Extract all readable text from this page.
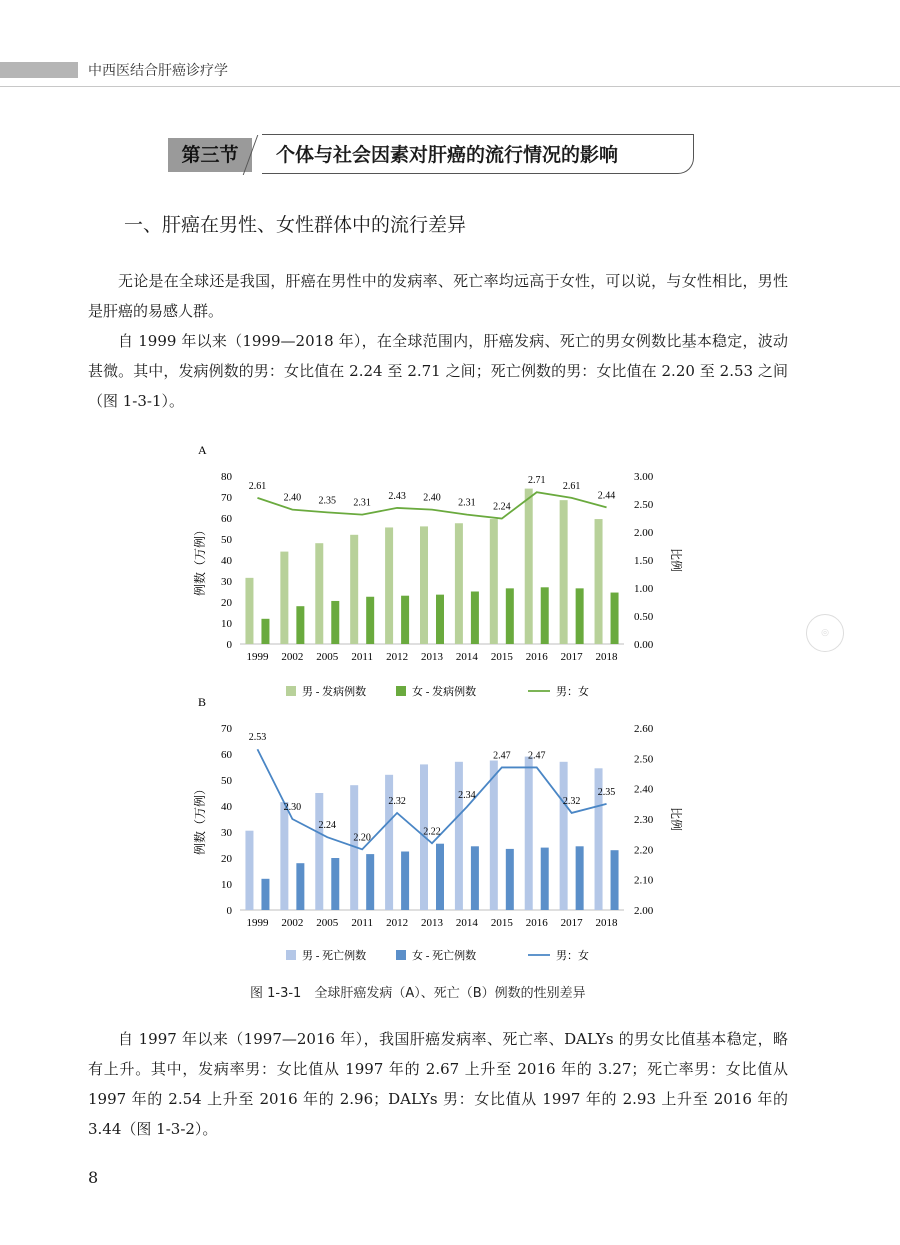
中西医结合肝癌诊疗学
第三节	个体与社会因素对肝癌的流行情况的影响
一、肝癌在男性、女性群体中的流行差异
无论是在全球还是我国，肝癌在男性中的发病率、死亡率均远高于女性，可以说，与女性相比，男性是肝癌的易感人群。
自 1999 年以来（1999—2018 年），在全球范围内，肝癌发病、死亡的男女例数比基本稳定，波动甚微。其中，发病例数的男：女比值在 2.24 至 2.71 之间；死亡例数的男：女比值在 2.20 至 2.53 之间（图 1-3-1）。
◎
A
0
10
20
30
40
50
60
70
80
0.00
0.50
1.00
1.50
2.00
2.50
3.00
例数（万例）	比例
1999 2002 2005 2011 2012 2013 2014 2015 2016 2017 2018
2.61
2.40 2.35 2.31
2.43 2.40 2.31 2.24
2.71
2.61
2.44
男 - 发病例数	女 - 发病例数	男：女
B
0
10
20
30
40
50
60
70
2.00
2.10
2.20
2.30
2.40
2.50
2.60
例数（万例）	比例
1999 2002 2005 2011 2012 2013 2014 2015 2016 2017 2018
2.53
2.30
2.24
2.20
2.32
2.22
2.34
2.47 2.47
2.32
2.35
男 - 死亡例数	女 - 死亡例数	男：女
图 1-3-1　全球肝癌发病（A）、死亡（B）例数的性别差异
自 1997 年以来（1997—2016 年），我国肝癌发病率、死亡率、DALYs 的男女比值基本稳定，略有上升。其中，发病率男：女比值从 1997 年的 2.67 上升至 2016 年的 3.27；死亡率男：女比值从 1997 年的 2.54 上升至 2016 年的 2.96；DALYs 男：女比值从 1997 年的 2.93 上升至 2016 年的 3.44（图 1-3-2）。
8
